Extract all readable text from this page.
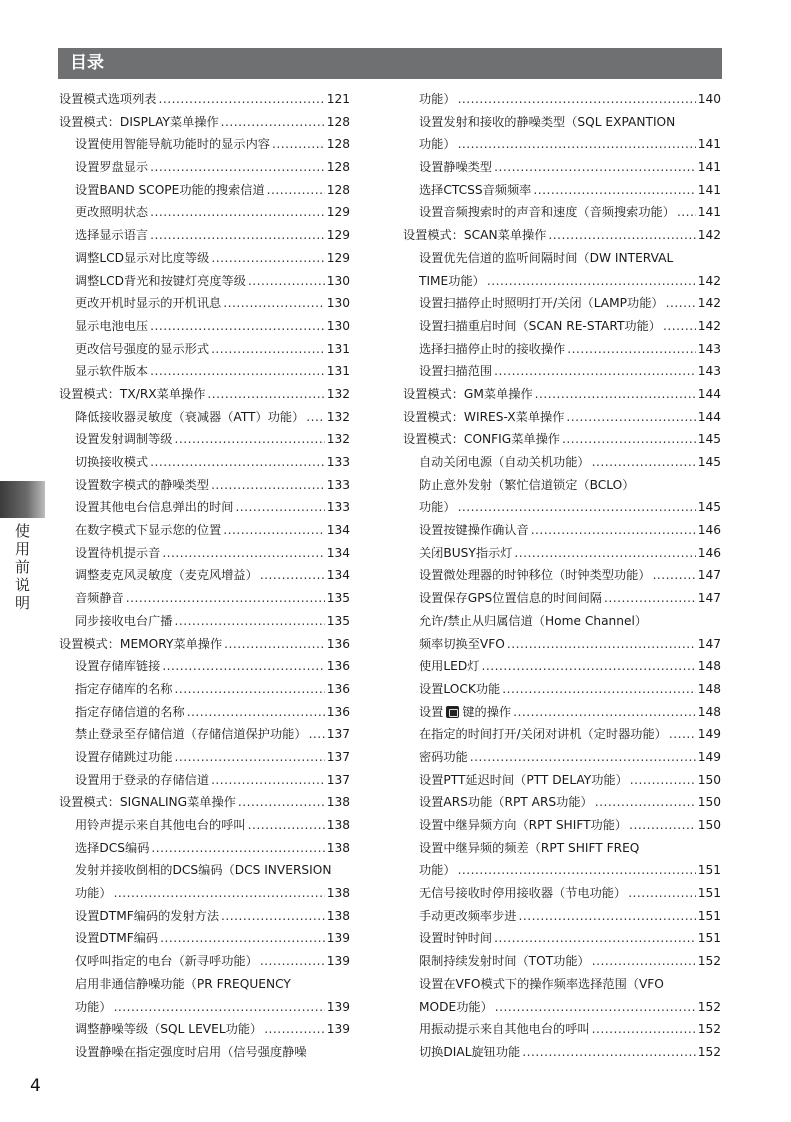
目录
设置模式选项列表 .....	121
设置模式：DISPLAY菜单操作 .....	128
设置使用智能导航功能时的显示内容 .....	128
设置罗盘显示 .....	128
设置BAND SCOPE功能的搜索信道 .....	128
更改照明状态 .....	129
选择显示语言 .....	129
调整LCD显示对比度等级 .....	129
调整LCD背光和按键灯亮度等级 .....	130
更改开机时显示的开机讯息 .....	130
显示电池电压 .....	130
更改信号强度的显示形式 .....	131
显示软件版本 .....	131
设置模式：TX/RX菜单操作 .....	132
降低接收器灵敏度（衰减器（ATT）功能） ..... 132
设置发射调制等级 .....	132
切换接收模式 .....	133
设置数字模式的静噪类型 .....	133
设置其他电台信息弹出的时间 .....	133
在数字模式下显示您的位置 .....	134
设置待机提示音 .....	134
调整麦克风灵敏度（麦克风增益） .....	134
音频静音 .....	135
同步接收电台广播 .....	135
设置模式：MEMORY菜单操作 .....	136
设置存储库链接 .....	136
指定存储库的名称 .....	136
指定存储信道的名称 .....	136
禁止登录至存储信道（存储信道保护功能） ..... 137
设置存储跳过功能 .....	137
设置用于登录的存储信道 .....	137
设置模式：SIGNALING菜单操作 .....	138
用铃声提示来自其他电台的呼叫 .....	138
选择DCS编码 .....	138
发射并接收倒相的DCS编码（DCS INVERSION
功能） .....	138
设置DTMF编码的发射方法 .....	138
设置DTMF编码 .....	139
仅呼叫指定的电台（新寻呼功能） .....	139
启用非通信静噪功能（PR FREQUENCY
功能） .....	139
调整静噪等级（SQL LEVEL功能） .....	139
设置静噪在指定强度时启用（信号强度静噪
功能） .....	140
设置发射和接收的静噪类型（SQL EXPANTION
功能） .....	141
设置静噪类型 .....	141
选择CTCSS音频频率 .....	141
设置音频搜索时的声音和速度（音频搜索功能） ..... 141
设置模式：SCAN菜单操作 .....	142
设置优先信道的监听间隔时间（DW INTERVAL
TIME功能） .....	142
设置扫描停止时照明打开/关闭（LAMP功能） .....	142
设置扫描重启时间（SCAN RE-START功能） .....	142
选择扫描停止时的接收操作 .....	143
设置扫描范围 .....	143
设置模式：GM菜单操作 .....	144
设置模式：WIRES-X菜单操作 .....	144
设置模式：CONFIG菜单操作 .....	145
自动关闭电源（自动关机功能） .....	145
防止意外发射（繁忙信道锁定（BCLO）
功能） .....	145
设置按键操作确认音 .....	146
关闭BUSY指示灯 .....	146
设置微处理器的时钟移位（时钟类型功能） .....	147
设置保存GPS位置信息的时间间隔 .....	147
允许/禁止从归属信道（Home Channel）
频率切换至VFO .....	147
使用LED灯 .....	148
设置LOCK功能 .....	148
设置 键的操作 .....	148
在指定的时间打开/关闭对讲机（定时器功能） .....	149
密码功能 .....	149
设置PTT延迟时间（PTT DELAY功能） .....	150
设置ARS功能（RPT ARS功能） .....	150
设置中继异频方向（RPT SHIFT功能） .....	150
设置中继异频的频差（RPT SHIFT FREQ
功能） .....	151
无信号接收时停用接收器（节电功能） .....	151
手动更改频率步进 .....	151
设置时钟时间 .....	151
限制持续发射时间（TOT功能） .....	152
设置在VFO模式下的操作频率选择范围（VFO
MODE功能） .....	152
用振动提示来自其他电台的呼叫 .....	152
切换DIAL旋钮功能 .....	152
使用前说明
4
